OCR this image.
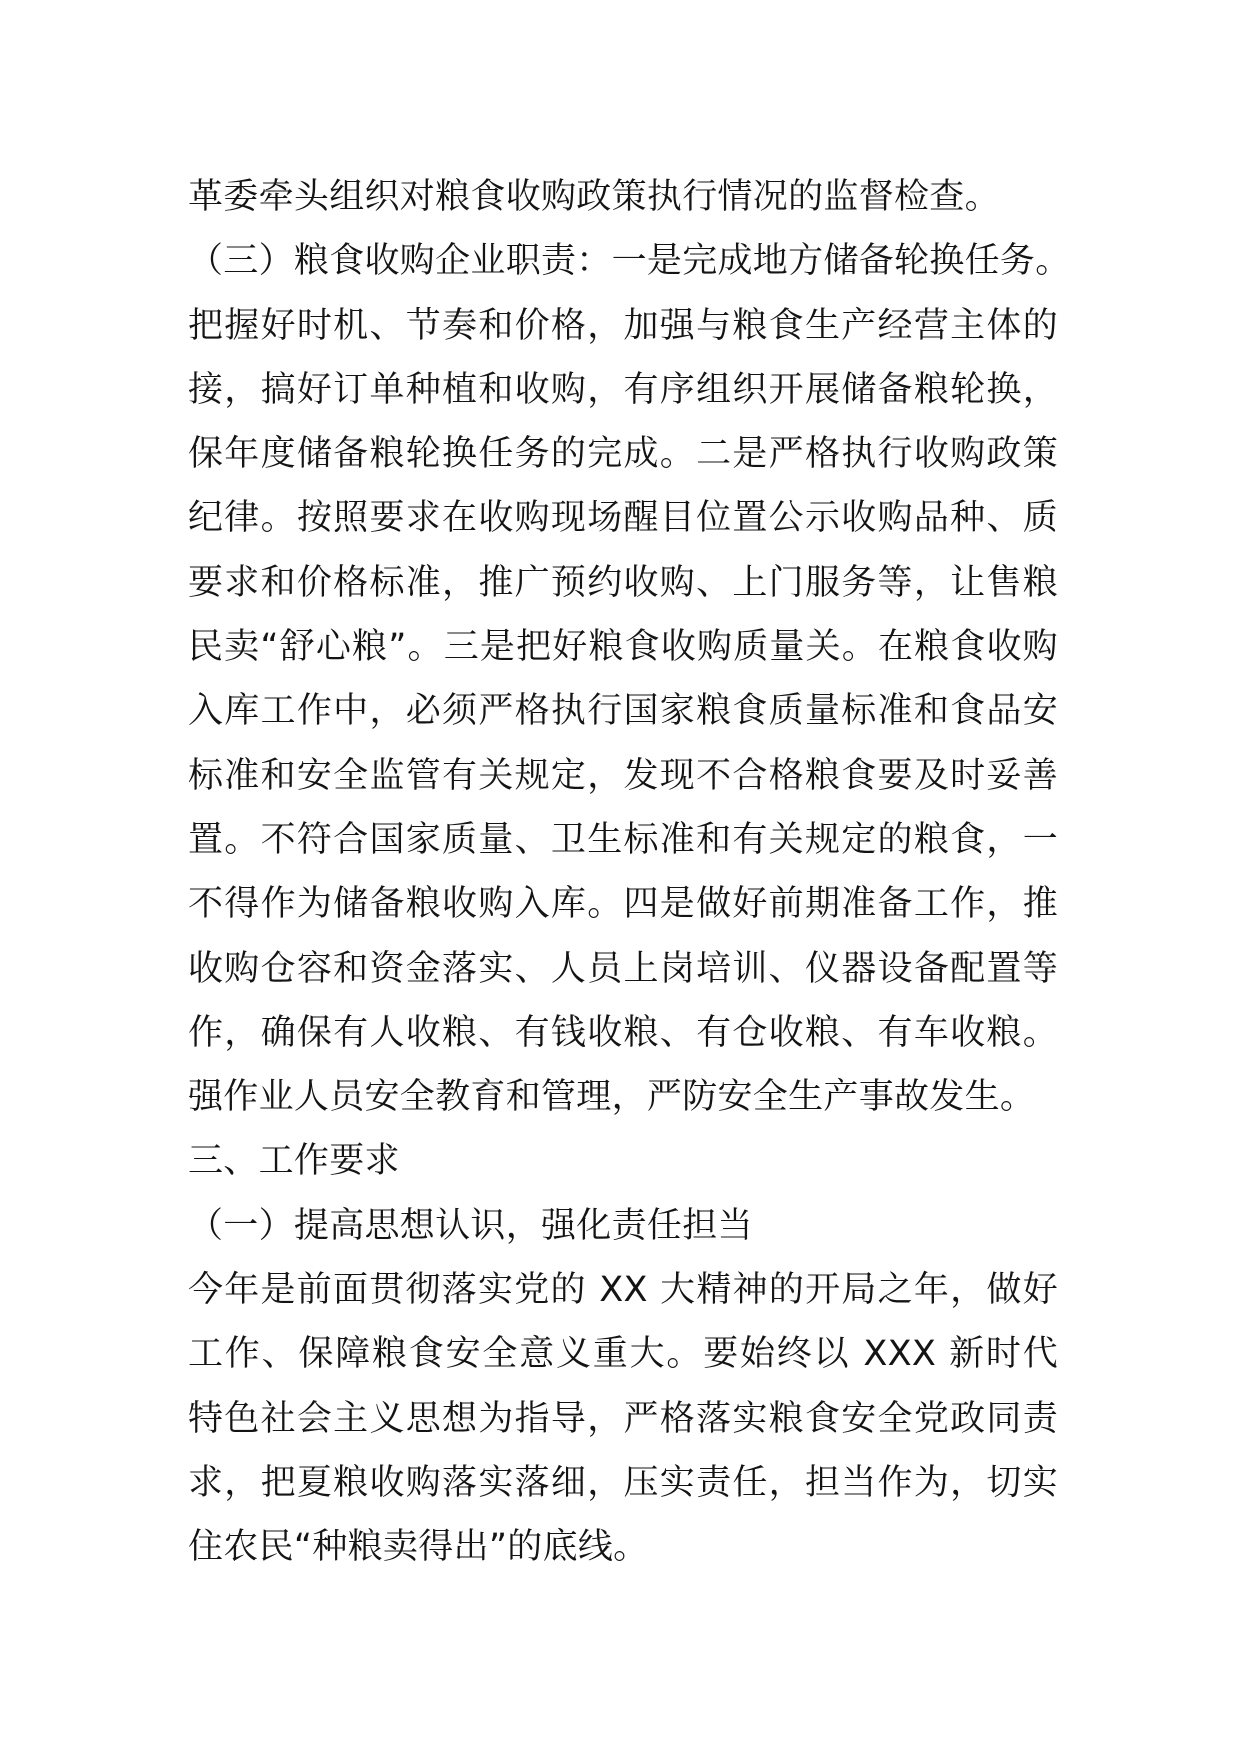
革委牵头组织对粮食收购政策执行情况的监督检查。
（三）粮食收购企业职责：一是完成地方储备轮换任务。
把握好时机、节奏和价格，加强与粮食生产经营主体的
接，搞好订单种植和收购，有序组织开展储备粮轮换，
保年度储备粮轮换任务的完成。二是严格执行收购政策
纪律。按照要求在收购现场醒目位置公示收购品种、质
要求和价格标准，推广预约收购、上门服务等，让售粮
民卖“舒心粮”。三是把好粮食收购质量关。在粮食收购
入库工作中，必须严格执行国家粮食质量标准和食品安
标准和安全监管有关规定，发现不合格粮食要及时妥善
置。不符合国家质量、卫生标准和有关规定的粮食，一
不得作为储备粮收购入库。四是做好前期准备工作，推
收购仓容和资金落实、人员上岗培训、仪器设备配置等
作，确保有人收粮、有钱收粮、有仓收粮、有车收粮。
强作业人员安全教育和管理，严防安全生产事故发生。
三、工作要求
（一）提高思想认识，强化责任担当
今年是前面贯彻落实党的 XX 大精神的开局之年，做好
工作、保障粮食安全意义重大。要始终以 XXX 新时代
特色社会主义思想为指导，严格落实粮食安全党政同责
求，把夏粮收购落实落细，压实责任，担当作为，切实
住农民“种粮卖得出”的底线。
